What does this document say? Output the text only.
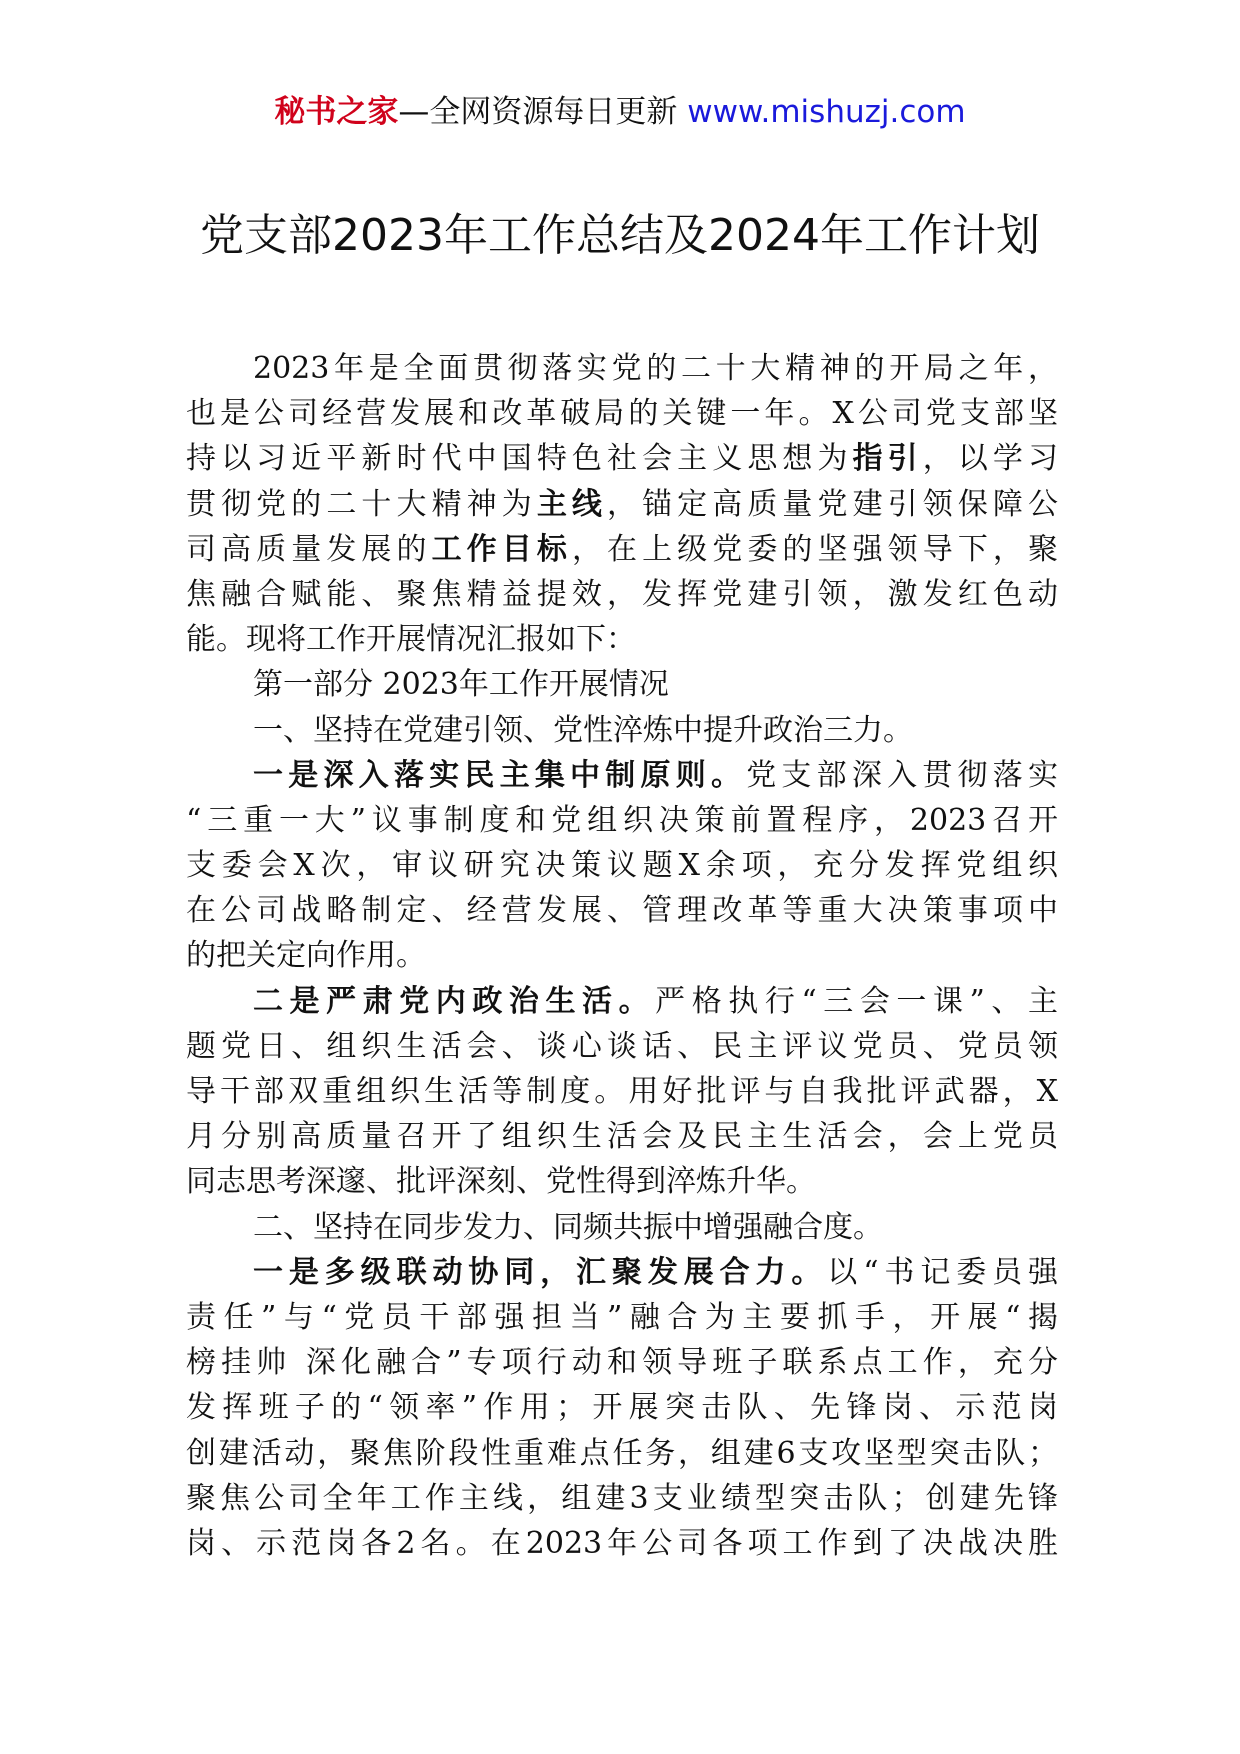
秘书之家—全网资源每日更新 www.mishuzj.com
党支部2023年工作总结及2024年工作计划
2023年是全面贯彻落实党的二十大精神的开局之年，
也是公司经营发展和改革破局的关键一年。X公司党支部坚
持以习近平新时代中国特色社会主义思想为指引，以学习
贯彻党的二十大精神为主线，锚定高质量党建引领保障公
司高质量发展的工作目标，在上级党委的坚强领导下，聚
焦融合赋能、聚焦精益提效，发挥党建引领，激发红色动
能。现将工作开展情况汇报如下：
第一部分 2023年工作开展情况
一、坚持在党建引领、党性淬炼中提升政治三力。
一是深入落实民主集中制原则。党支部深入贯彻落实
“三重一大”议事制度和党组织决策前置程序，2023召开
支委会X次，审议研究决策议题X余项，充分发挥党组织
在公司战略制定、经营发展、管理改革等重大决策事项中
的把关定向作用。
二是严肃党内政治生活。严格执行“三会一课”、主
题党日、组织生活会、谈心谈话、民主评议党员、党员领
导干部双重组织生活等制度。用好批评与自我批评武器，X
月分别高质量召开了组织生活会及民主生活会，会上党员
同志思考深邃、批评深刻、党性得到淬炼升华。
二、坚持在同步发力、同频共振中增强融合度。
一是多级联动协同，汇聚发展合力。以“书记委员强
责任”与“党员干部强担当”融合为主要抓手，开展“揭
榜挂帅 深化融合”专项行动和领导班子联系点工作，充分
发挥班子的“领率”作用；开展突击队、先锋岗、示范岗
创建活动，聚焦阶段性重难点任务，组建6支攻坚型突击队；
聚焦公司全年工作主线，组建3支业绩型突击队；创建先锋
岗、示范岗各2名。在2023年公司各项工作到了决战决胜
